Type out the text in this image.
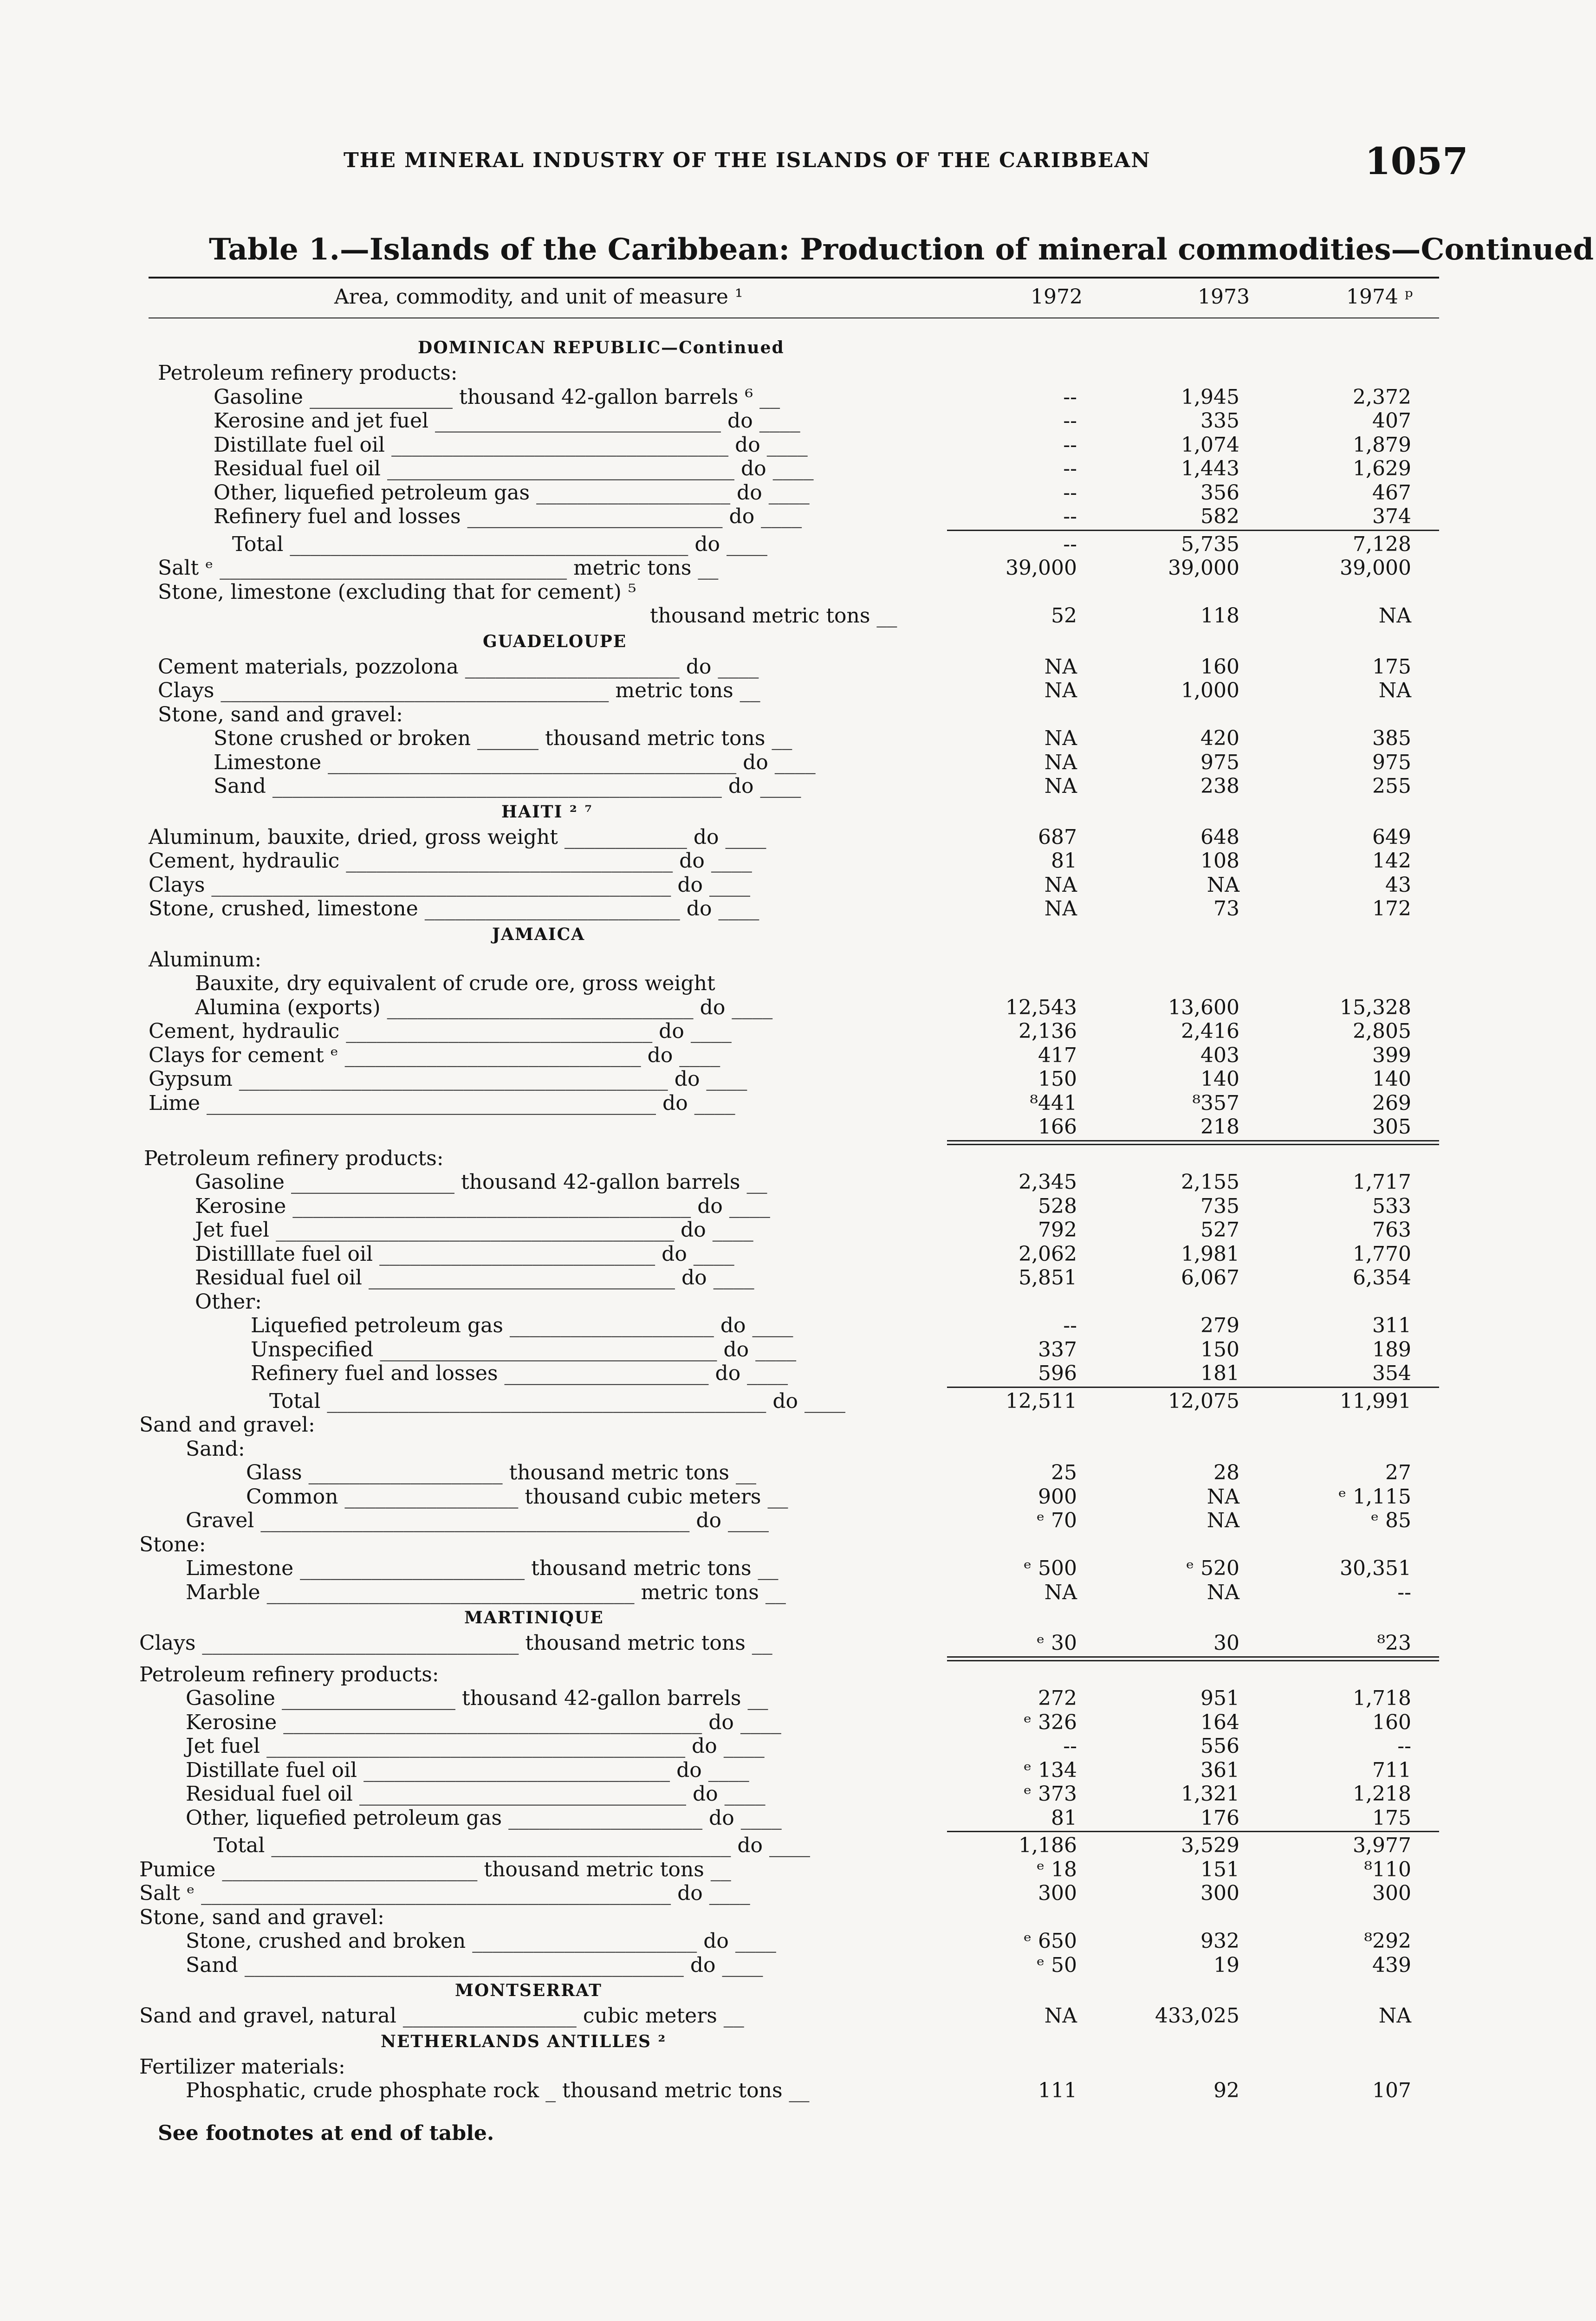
THE MINERAL INDUSTRY OF THE ISLANDS OF THE CARIBBEAN	1057
Table 1.—Islands of the Caribbean: Production of mineral commodities—Continued
Area, commodity, and unit of measure ¹	1972	1973	1974 ᵖ
DOMINICAN REPUBLIC—Continued
Petroleum refinery products:
Gasoline ______________ thousand 42-gallon barrels ⁶ __	--	1,945	2,372
Kerosine and jet fuel ____________________________ do ____	--	335	407
Distillate fuel oil _________________________________ do ____	--	1,074	1,879
Residual fuel oil __________________________________ do ____	--	1,443	1,629
Other, liquefied petroleum gas ___________________ do ____	--	356	467
Refinery fuel and losses _________________________ do ____	--	582	374
Total _______________________________________ do ____	--	5,735	7,128
Salt ᵉ __________________________________ metric tons __	39,000	39,000	39,000
Stone, limestone (excluding that for cement) ⁵
thousand metric tons __	52	118	NA
GUADELOUPE
Cement materials, pozzolona _____________________ do ____	NA	160	175
Clays ______________________________________ metric tons __	NA	1,000	NA
Stone, sand and gravel:
Stone crushed or broken ______ thousand metric tons __	NA	420	385
Limestone ________________________________________ do ____	NA	975	975
Sand ____________________________________________ do ____	NA	238	255
HAITI ² ⁷
Aluminum, bauxite, dried, gross weight ____________ do ____	687	648	649
Cement, hydraulic ________________________________ do ____	81	108	142
Clays _____________________________________________ do ____	NA	NA	43
Stone, crushed, limestone _________________________ do ____	NA	73	172
JAMAICA
Aluminum:
Bauxite, dry equivalent of crude ore, gross weight
Alumina (exports) ______________________________ do ____	12,543	13,600	15,328
Cement, hydraulic ______________________________ do ____	2,136	2,416	2,805
Clays for cement ᵉ _____________________________ do ____	417	403	399
Gypsum __________________________________________ do ____	150	140	140
Lime ____________________________________________ do ____	⁸441	⁸357	269
166	218	305
Petroleum refinery products:
Gasoline ________________ thousand 42-gallon barrels __	2,345	2,155	1,717
Kerosine _______________________________________ do ____	528	735	533
Jet fuel _______________________________________ do ____	792	527	763
Distilllate fuel oil ___________________________ do ____	2,062	1,981	1,770
Residual fuel oil ______________________________ do ____	5,851	6,067	6,354
Other:
Liquefied petroleum gas ____________________ do ____	--	279	311
Unspecified _________________________________ do ____	337	150	189
Refinery fuel and losses ____________________ do ____	596	181	354
Total ___________________________________________ do ____	12,511	12,075	11,991
Sand and gravel:
Sand:
Glass ___________________ thousand metric tons __	25	28	27
Common _________________ thousand cubic meters __	900	NA	ᵉ 1,115
Gravel __________________________________________ do ____	ᵉ 70	NA	ᵉ 85
Stone:
Limestone ______________________ thousand metric tons __	ᵉ 500	ᵉ 520	30,351
Marble ____________________________________ metric tons __	NA	NA	--
MARTINIQUE
Clays _______________________________ thousand metric tons __	ᵉ 30	30	⁸23
Petroleum refinery products:
Gasoline _________________ thousand 42-gallon barrels __	272	951	1,718
Kerosine _________________________________________ do ____	ᵉ 326	164	160
Jet fuel _________________________________________ do ____	--	556	--
Distillate fuel oil ______________________________ do ____	ᵉ 134	361	711
Residual fuel oil ________________________________ do ____	ᵉ 373	1,321	1,218
Other, liquefied petroleum gas ___________________ do ____	81	176	175
Total _____________________________________________ do ____	1,186	3,529	3,977
Pumice _________________________ thousand metric tons __	ᵉ 18	151	⁸110
Salt ᵉ ______________________________________________ do ____	300	300	300
Stone, sand and gravel:
Stone, crushed and broken ______________________ do ____	ᵉ 650	932	⁸292
Sand ___________________________________________ do ____	ᵉ 50	19	439
MONTSERRAT
Sand and gravel, natural _________________ cubic meters __	NA	433,025	NA
NETHERLANDS ANTILLES ²
Fertilizer materials:
Phosphatic, crude phosphate rock _ thousand metric tons __	111	92	107
See footnotes at end of table.
